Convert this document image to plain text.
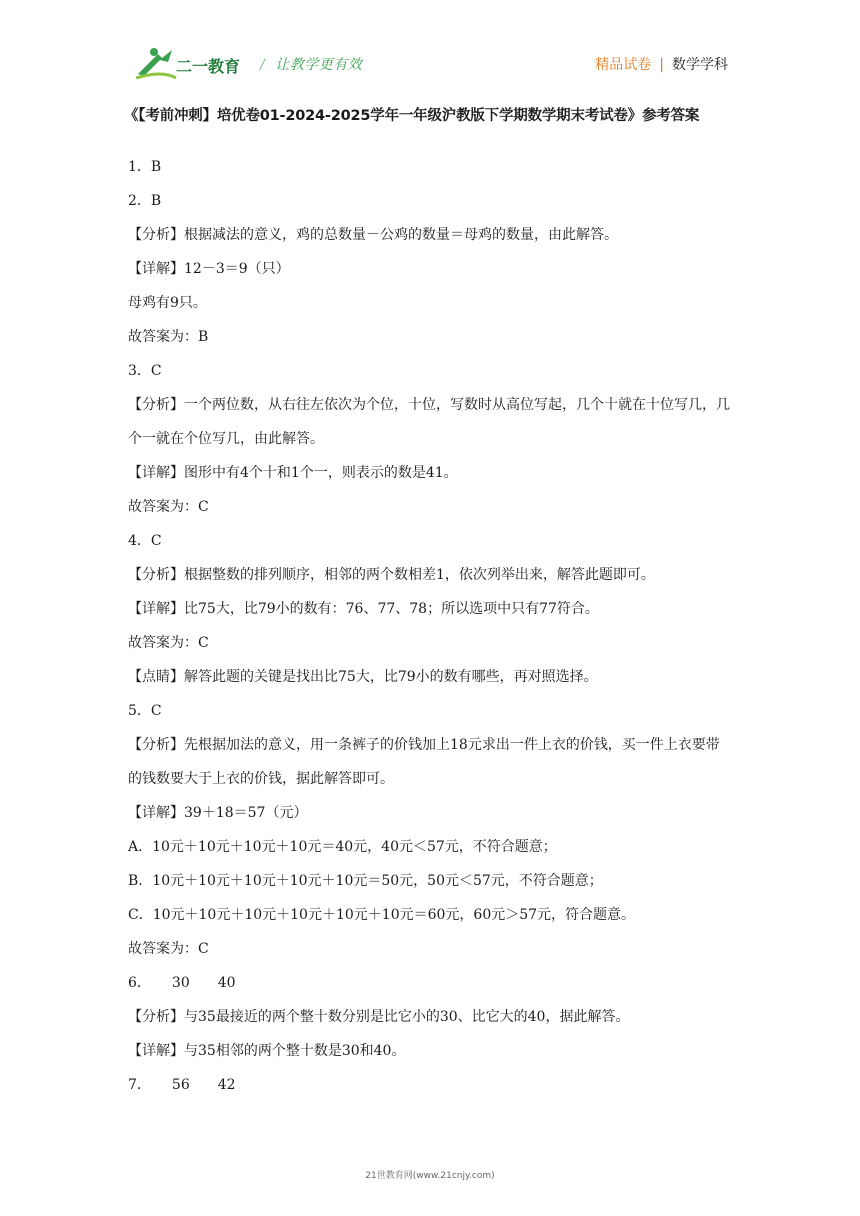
二一教育 / 让教学更有效	精品试卷 | 数学学科
《【考前冲刺】培优卷01-2024-2025学年一年级沪教版下学期数学期末考试卷》参考答案
1．B
2．B
【分析】根据减法的意义，鸡的总数量－公鸡的数量＝母鸡的数量，由此解答。
【详解】12－3＝9（只）
母鸡有9只。
故答案为：B
3．C
【分析】一个两位数，从右往左依次为个位，十位，写数时从高位写起，几个十就在十位写几，几个一就在个位写几，由此解答。
【详解】图形中有4个十和1个一，则表示的数是41。
故答案为：C
4．C
【分析】根据整数的排列顺序，相邻的两个数相差1，依次列举出来，解答此题即可。
【详解】比75大，比79小的数有：76、77、78；所以选项中只有77符合。
故答案为：C
【点睛】解答此题的关键是找出比75大，比79小的数有哪些，再对照选择。
5．C
【分析】先根据加法的意义，用一条裤子的价钱加上18元求出一件上衣的价钱，买一件上衣要带的钱数要大于上衣的价钱，据此解答即可。
【详解】39＋18＝57（元）
A．10元＋10元＋10元＋10元＝40元，40元＜57元，不符合题意；
B．10元＋10元＋10元＋10元＋10元＝50元，50元＜57元，不符合题意；
C．10元＋10元＋10元＋10元＋10元＋10元＝60元，60元＞57元，符合题意。
故答案为：C
6．　　30　　40
【分析】与35最接近的两个整十数分别是比它小的30、比它大的40，据此解答。
【详解】与35相邻的两个整十数是30和40。
7．　　56　　42
21世教育网(www.21cnjy.com)
